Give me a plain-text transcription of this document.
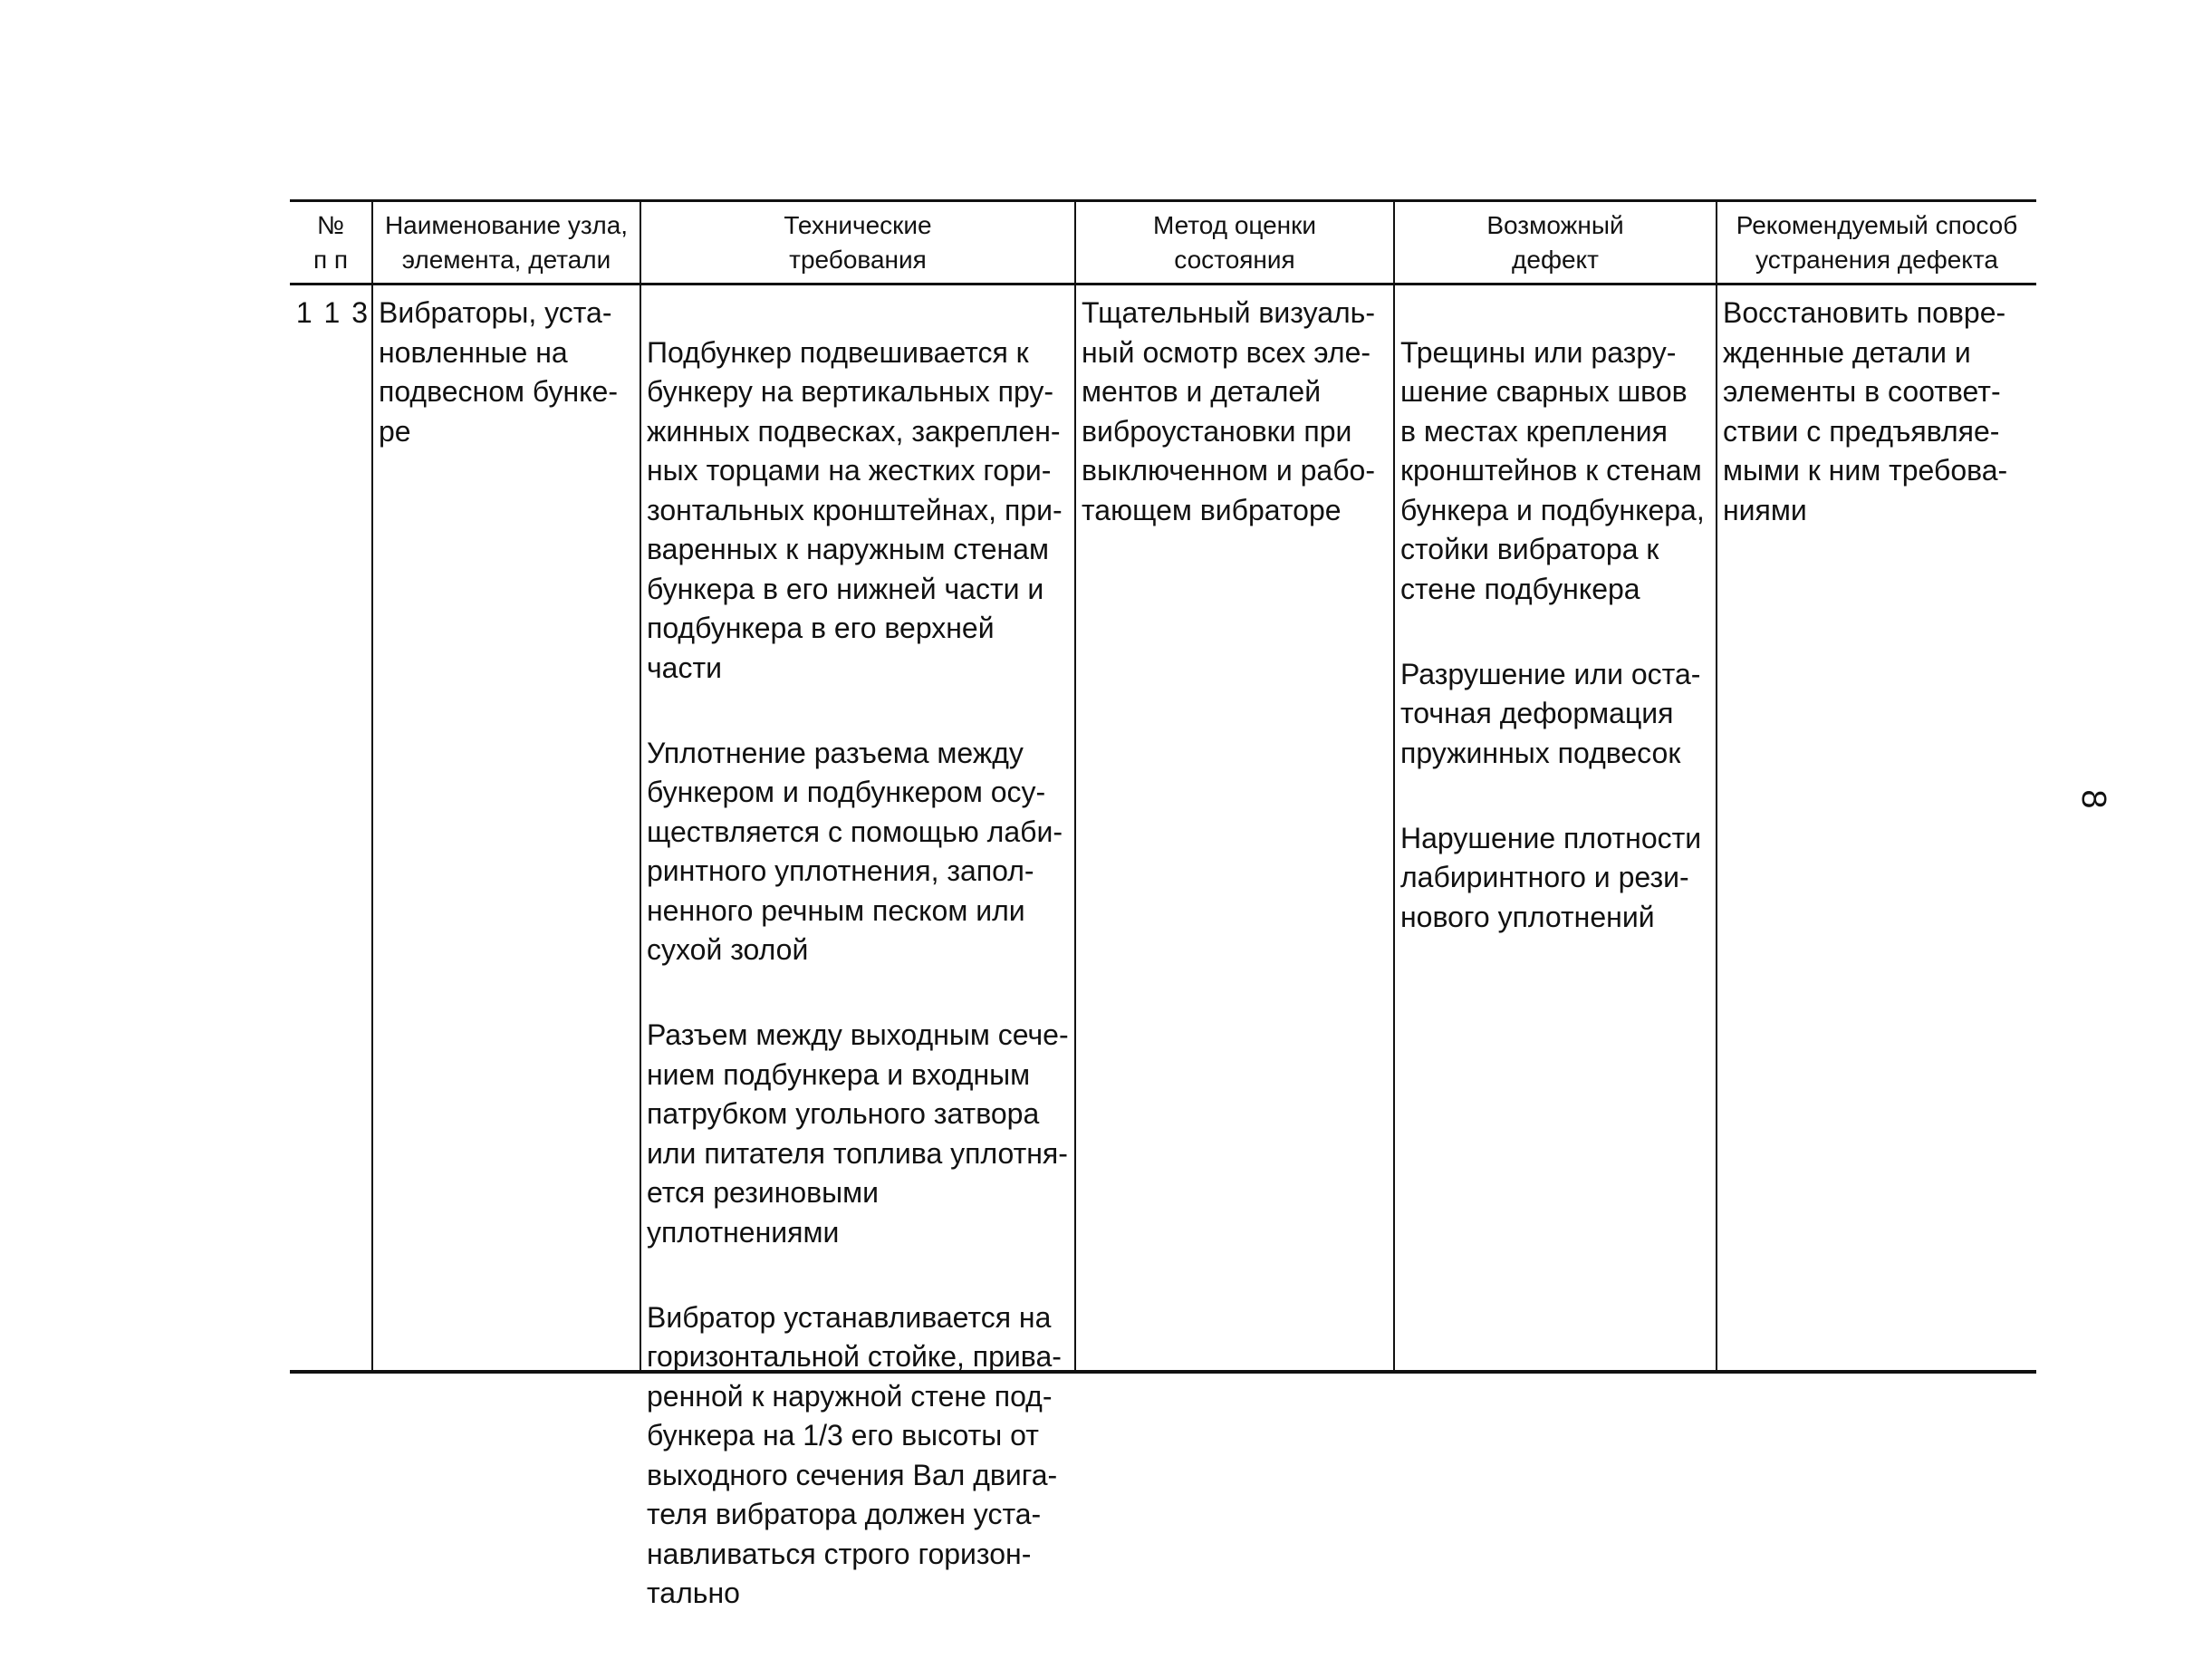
№
п п
Наименование узла,
элемента, детали
Технические
требования
Метод оценки
состояния
Возможный
дефект
Рекомендуемый способ
устранения дефекта
1 1 3 Вибраторы, уста-
новленные на
подвесном бунке-
ре

Подбункер подвешивается к
бункеру на вертикальных пру-
жинных подвесках, закреплен-
ных торцами на жестких гори-
зонтальных кронштейнах, при-
варенных к наружным стенам
бункера в его нижней части и
подбункера в его верхней части

Уплотнение разъема между
бункером и подбункером осу-
ществляется с помощью лаби-
ринтного уплотнения, запол-
ненного речным песком или
сухой золой

Разъем между выходным сече-
нием подбункера и входным
патрубком угольного затвора
или питателя топлива уплотня-
ется резиновыми уплотнениями

Вибратор устанавливается на
горизонтальной стойке, прива-
ренной к наружной стене под-
бункера на 1/3 его высоты от
выходного сечения Вал двига-
теля вибратора должен уста-
навливаться строго горизон-
тально

Тщательный визуаль-
ный осмотр всех эле-
ментов и деталей
виброустановки при
выключенном и рабо-
тающем вибраторе

Трещины или разру-
шение сварных швов
в местах крепления
кронштейнов к стенам
бункера и подбункера,
стойки вибратора к
стене подбункера

Разрушение или оста-
точная деформация
пружинных подвесок

Нарушение плотности
лабиринтного и рези-
нового уплотнений

Восстановить повре-
жденные детали и
элементы в соответ-
ствии с предъявляе-
мыми к ним требова-
ниями
8
